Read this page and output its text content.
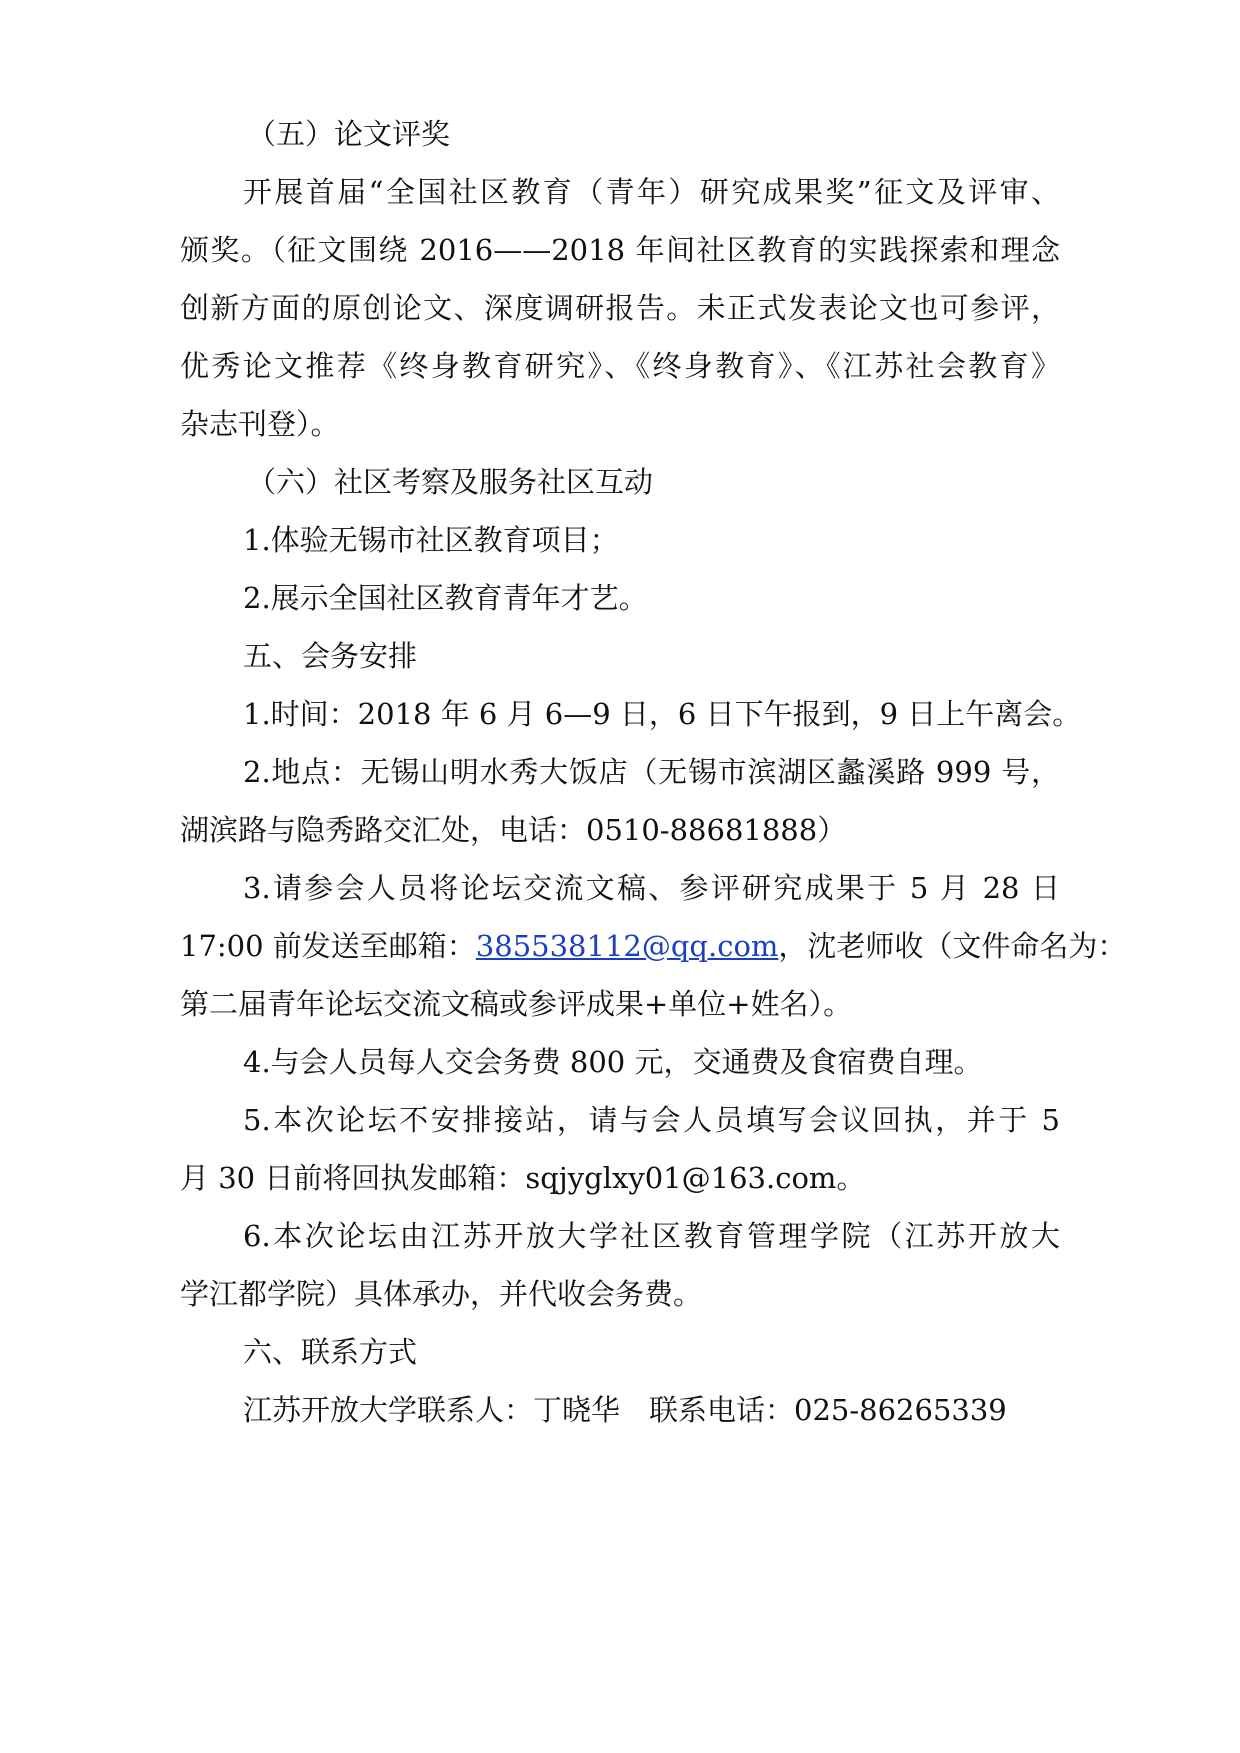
（五）论文评奖
开展首届“全国社区教育（青年）研究成果奖”征文及评审、
颁奖。（征文围绕 2016——2018 年间社区教育的实践探索和理念
创新方面的原创论文、深度调研报告。未正式发表论文也可参评，
优秀论文推荐《终身教育研究》、《终身教育》、《江苏社会教育》
杂志刊登）。
（六）社区考察及服务社区互动
1.体验无锡市社区教育项目；
2.展示全国社区教育青年才艺。
五、会务安排
1.时间：2018 年 6 月 6—9 日，6 日下午报到，9 日上午离会。
2.地点：无锡山明水秀大饭店（无锡市滨湖区蠡溪路 999 号，
湖滨路与隐秀路交汇处，电话：0510-88681888）
3.请参会人员将论坛交流文稿、参评研究成果于 5 月 28 日
17:00 前发送至邮箱：385538112@qq.com，沈老师收（文件命名为：
第二届青年论坛交流文稿或参评成果+单位+姓名）。
4.与会人员每人交会务费 800 元，交通费及食宿费自理。
5.本次论坛不安排接站，请与会人员填写会议回执，并于 5
月 30 日前将回执发邮箱：sqjyglxy01@163.com。
6.本次论坛由江苏开放大学社区教育管理学院（江苏开放大
学江都学院）具体承办，并代收会务费。
六、联系方式
江苏开放大学联系人：丁晓华　联系电话：025-86265339
